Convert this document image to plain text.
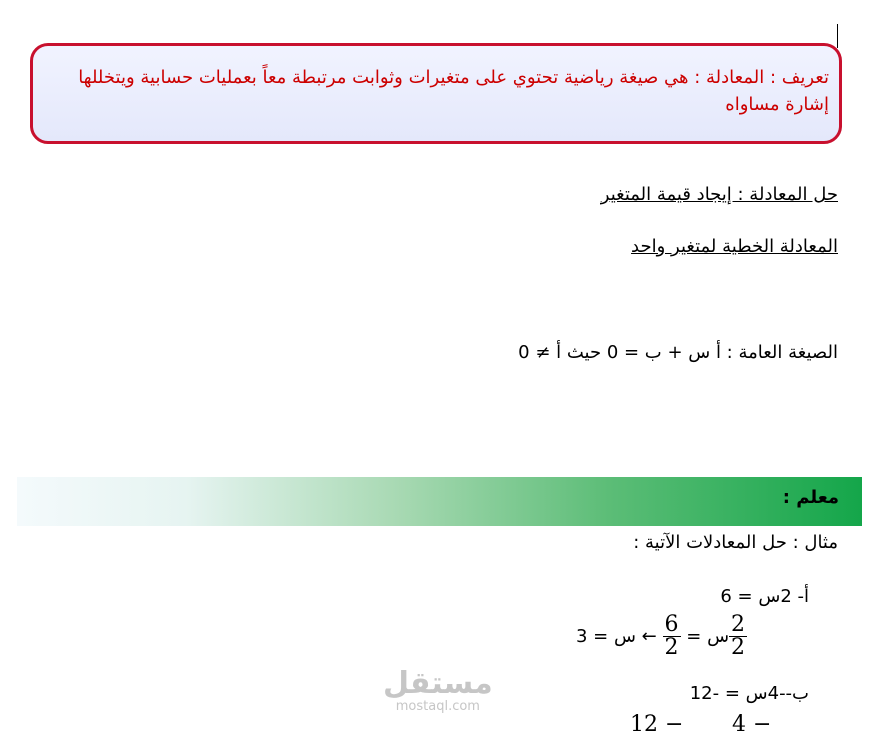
تعريف : المعادلة : هي صيغة رياضية تحتوي على متغيرات وثوابت مرتبطة معاً بعمليات حسابية ويتخللها إشارة مساواه
حل المعادلة : إيجاد قيمة المتغير
المعادلة الخطية لمتغير واحد
الصيغة العامة : أ س + ب = 0 حيث أ ≠ 0
معلم :
مثال : حل المعادلات الآتية :
أ- 2س = 6
← س = $3 \frac{6}{2}$ = س $\frac{2}{2}$
ب--4س = -12
12 − 4 −
مستقل
mostaql.com
